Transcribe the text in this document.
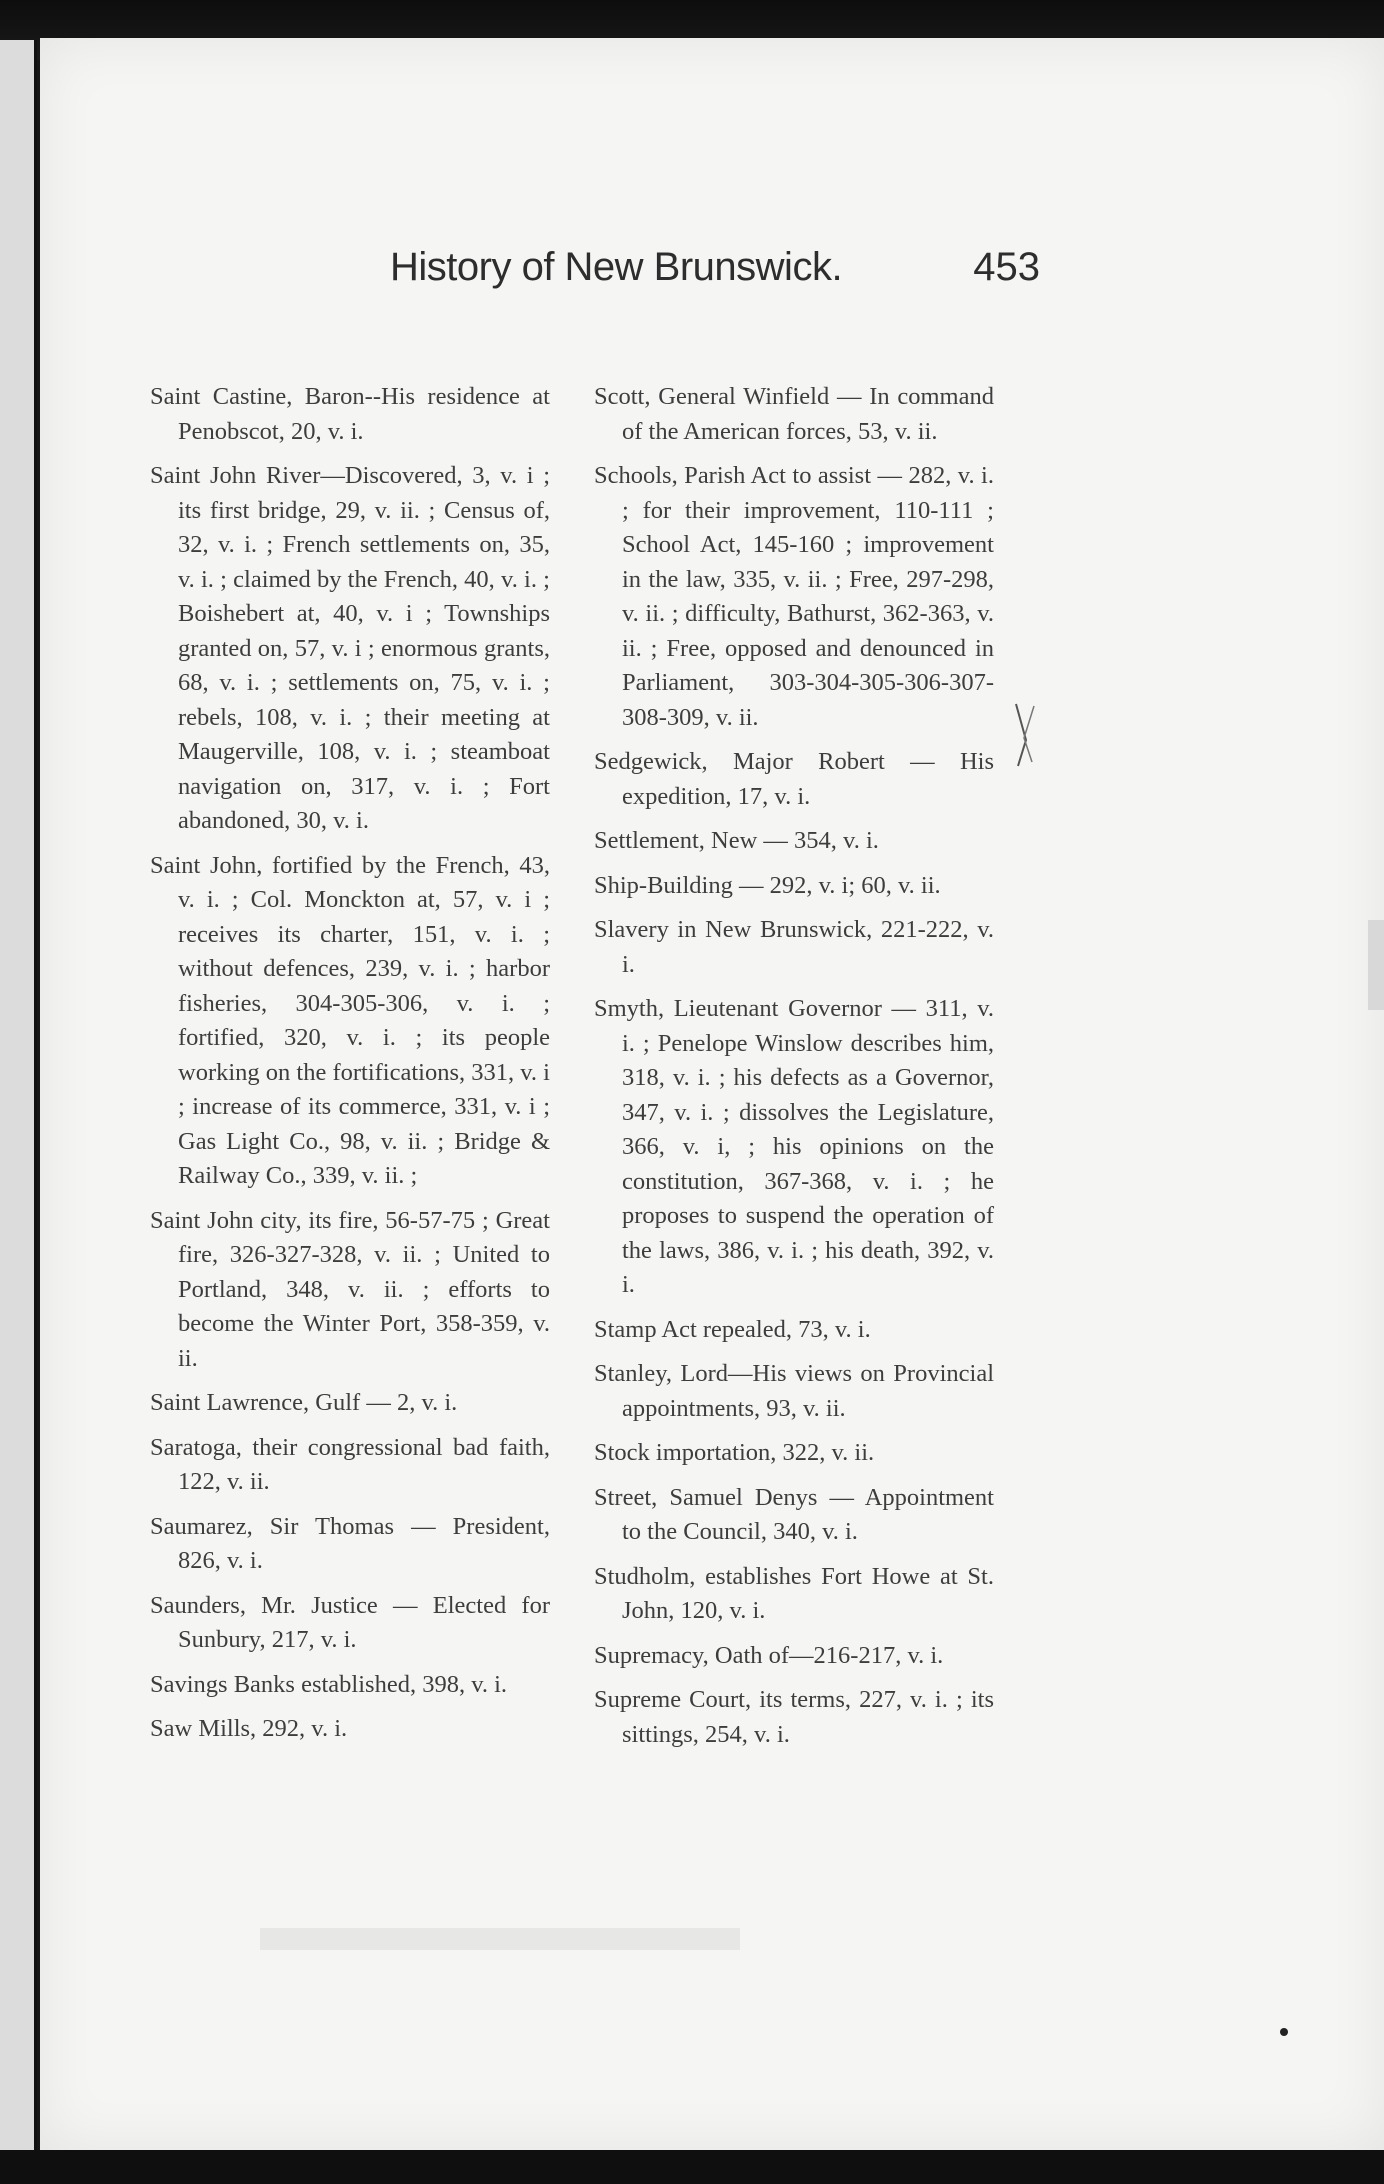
History of New Brunswick.	453

Saint Castine, Baron--His residence at Penobscot, 20, v. i.

Saint John River—Discovered, 3, v. i ; its first bridge, 29, v. ii. ; Census of, 32, v. i. ; French settlements on, 35, v. i. ; claimed by the French, 40, v. i. ; Boishebert at, 40, v. i ; Townships granted on, 57, v. i ; enormous grants, 68, v. i. ; settlements on, 75, v. i. ; rebels, 108, v. i. ; their meeting at Maugerville, 108, v. i. ; steamboat navigation on, 317, v. i. ; Fort abandoned, 30, v. i.

Saint John, fortified by the French, 43, v. i. ; Col. Monckton at, 57, v. i ; receives its charter, 151, v. i. ; without defences, 239, v. i. ; harbor fisheries, 304-305-306, v. i. ; fortified, 320, v. i. ; its people working on the fortifications, 331, v. i ; increase of its commerce, 331, v. i ; Gas Light Co., 98, v. ii. ; Bridge & Railway Co., 339, v. ii. ;

Saint John city, its fire, 56-57-75 ; Great fire, 326-327-328, v. ii. ; United to Portland, 348, v. ii. ; efforts to become the Winter Port, 358-359, v. ii.

Saint Lawrence, Gulf — 2, v. i.

Saratoga, their congressional bad faith, 122, v. ii.

Saumarez, Sir Thomas — President, 826, v. i.

Saunders, Mr. Justice — Elected for Sunbury, 217, v. i.

Savings Banks established, 398, v. i.

Saw Mills, 292, v. i.

Scott, General Winfield — In command of the American forces, 53, v. ii.

Schools, Parish Act to assist — 282, v. i. ; for their improvement, 110-111 ; School Act, 145-160 ; improvement in the law, 335, v. ii. ; Free, 297-298, v. ii. ; difficulty, Bathurst, 362-363, v. ii. ; Free, opposed and denounced in Parliament, 303-304-305-306-307-308-309, v. ii.

Sedgewick, Major Robert — His expedition, 17, v. i.

Settlement, New — 354, v. i.

Ship-Building — 292, v. i; 60, v. ii.

Slavery in New Brunswick, 221-222, v. i.

Smyth, Lieutenant Governor — 311, v. i. ; Penelope Winslow describes him, 318, v. i. ; his defects as a Governor, 347, v. i. ; dissolves the Legislature, 366, v. i, ; his opinions on the constitution, 367-368, v. i. ; he proposes to suspend the operation of the laws, 386, v. i. ; his death, 392, v. i.

Stamp Act repealed, 73, v. i.

Stanley, Lord—His views on Provincial appointments, 93, v. ii.

Stock importation, 322, v. ii.

Street, Samuel Denys — Appointment to the Council, 340, v. i.

Studholm, establishes Fort Howe at St. John, 120, v. i.

Supremacy, Oath of—216-217, v. i.

Supreme Court, its terms, 227, v. i. ; its sittings, 254, v. i.
